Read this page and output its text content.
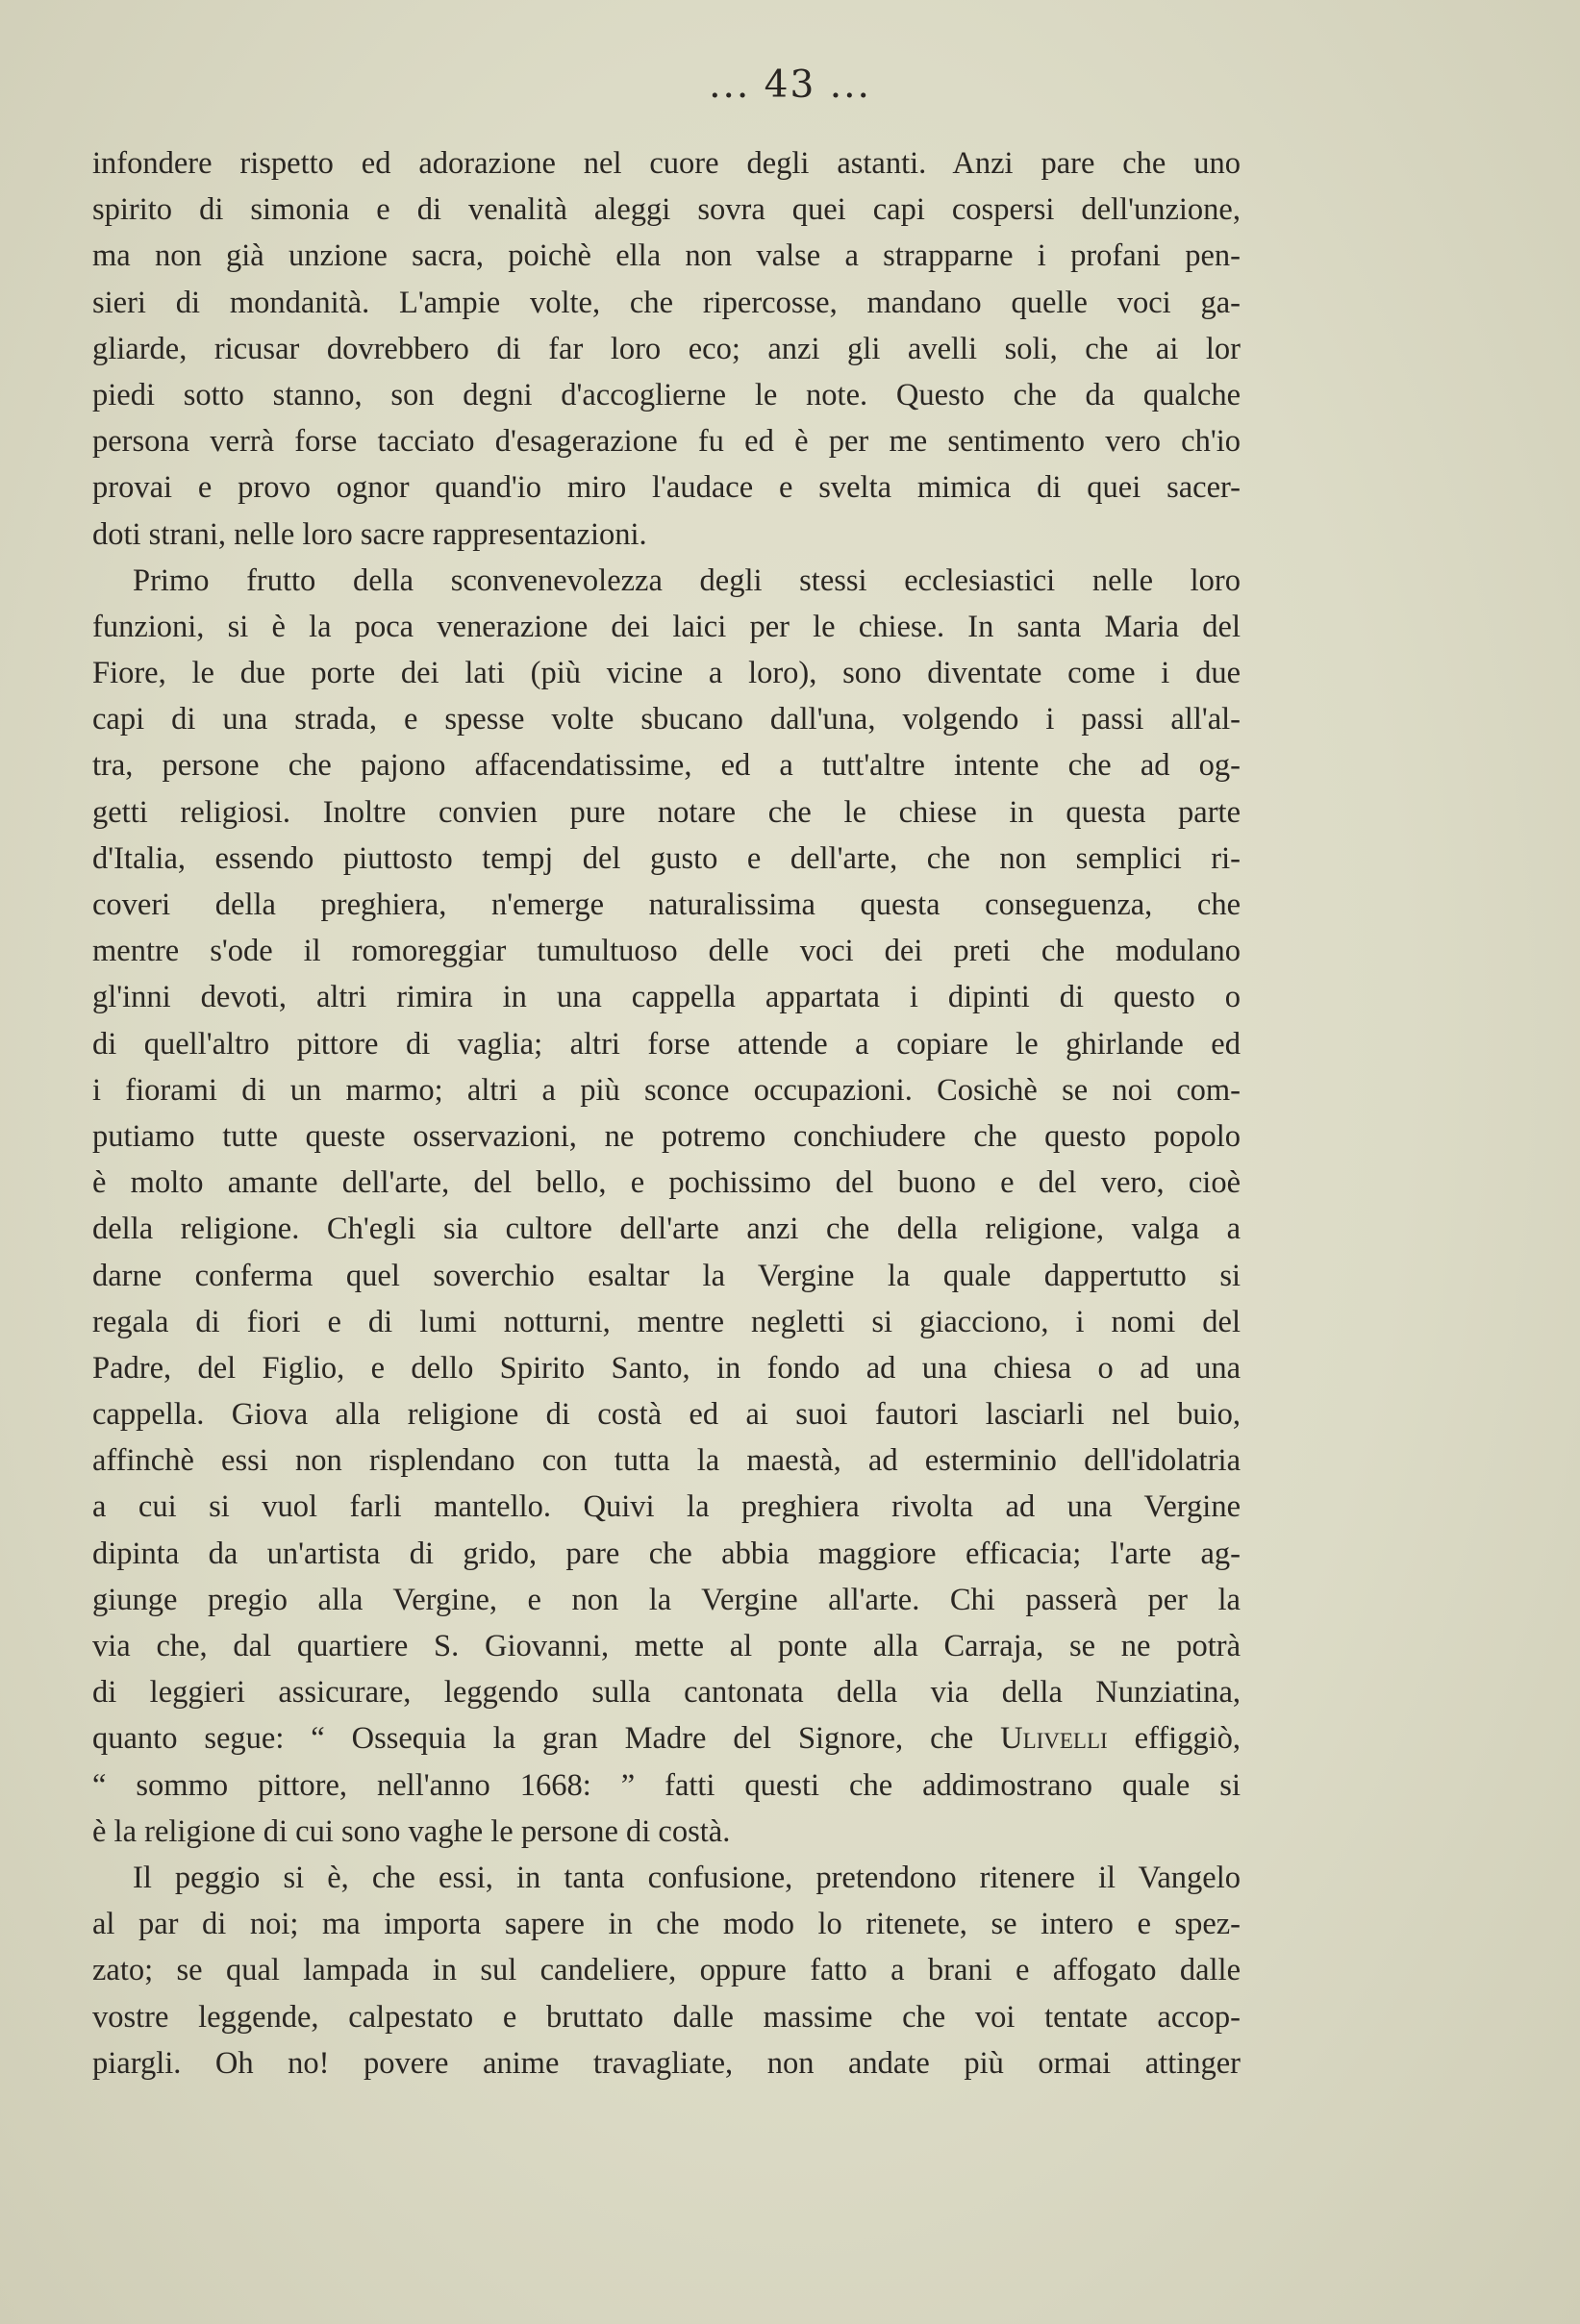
... 43 ...
infondere rispetto ed adorazione nel cuore degli astanti. Anzi pare che uno
spirito di simonia e di venalità aleggi sovra quei capi cospersi dell'unzione,
ma non già unzione sacra, poichè ella non valse a strapparne i profani pen-
sieri di mondanità. L'ampie volte, che ripercosse, mandano quelle voci ga-
gliarde, ricusar dovrebbero di far loro eco; anzi gli avelli soli, che ai lor
piedi sotto stanno, son degni d'accoglierne le note. Questo che da qualche
persona verrà forse tacciato d'esagerazione fu ed è per me sentimento vero ch'io
provai e provo ognor quand'io miro l'audace e svelta mimica di quei sacer-
doti strani, nelle loro sacre rappresentazioni.
Primo frutto della sconvenevolezza degli stessi ecclesiastici nelle loro
funzioni, si è la poca venerazione dei laici per le chiese. In santa Maria del
Fiore, le due porte dei lati (più vicine a loro), sono diventate come i due
capi di una strada, e spesse volte sbucano dall'una, volgendo i passi all'al-
tra, persone che pajono affacendatissime, ed a tutt'altre intente che ad og-
getti religiosi. Inoltre convien pure notare che le chiese in questa parte
d'Italia, essendo piuttosto tempj del gusto e dell'arte, che non semplici ri-
coveri della preghiera, n'emerge naturalissima questa conseguenza, che
mentre s'ode il romoreggiar tumultuoso delle voci dei preti che modulano
gl'inni devoti, altri rimira in una cappella appartata i dipinti di questo o
di quell'altro pittore di vaglia; altri forse attende a copiare le ghirlande ed
i fiorami di un marmo; altri a più sconce occupazioni. Cosichè se noi com-
putiamo tutte queste osservazioni, ne potremo conchiudere che questo popolo
è molto amante dell'arte, del bello, e pochissimo del buono e del vero, cioè
della religione. Ch'egli sia cultore dell'arte anzi che della religione, valga a
darne conferma quel soverchio esaltar la Vergine la quale dappertutto si
regala di fiori e di lumi notturni, mentre negletti si giacciono, i nomi del
Padre, del Figlio, e dello Spirito Santo, in fondo ad una chiesa o ad una
cappella. Giova alla religione di costà ed ai suoi fautori lasciarli nel buio,
affinchè essi non risplendano con tutta la maestà, ad esterminio dell'idolatria
a cui si vuol farli mantello. Quivi la preghiera rivolta ad una Vergine
dipinta da un'artista di grido, pare che abbia maggiore efficacia; l'arte ag-
giunge pregio alla Vergine, e non la Vergine all'arte. Chi passerà per la
via che, dal quartiere S. Giovanni, mette al ponte alla Carraja, se ne potrà
di leggieri assicurare, leggendo sulla cantonata della via della Nunziatina,
quanto segue: “ Ossequia la gran Madre del Signore, che Ulivelli effiggiò,
“ sommo pittore, nell'anno 1668: ” fatti questi che addimostrano quale si
è la religione di cui sono vaghe le persone di costà.
Il peggio si è, che essi, in tanta confusione, pretendono ritenere il Vangelo
al par di noi; ma importa sapere in che modo lo ritenete, se intero e spez-
zato; se qual lampada in sul candeliere, oppure fatto a brani e affogato dalle
vostre leggende, calpestato e bruttato dalle massime che voi tentate accop-
piargli. Oh no! povere anime travagliate, non andate più ormai attinger
